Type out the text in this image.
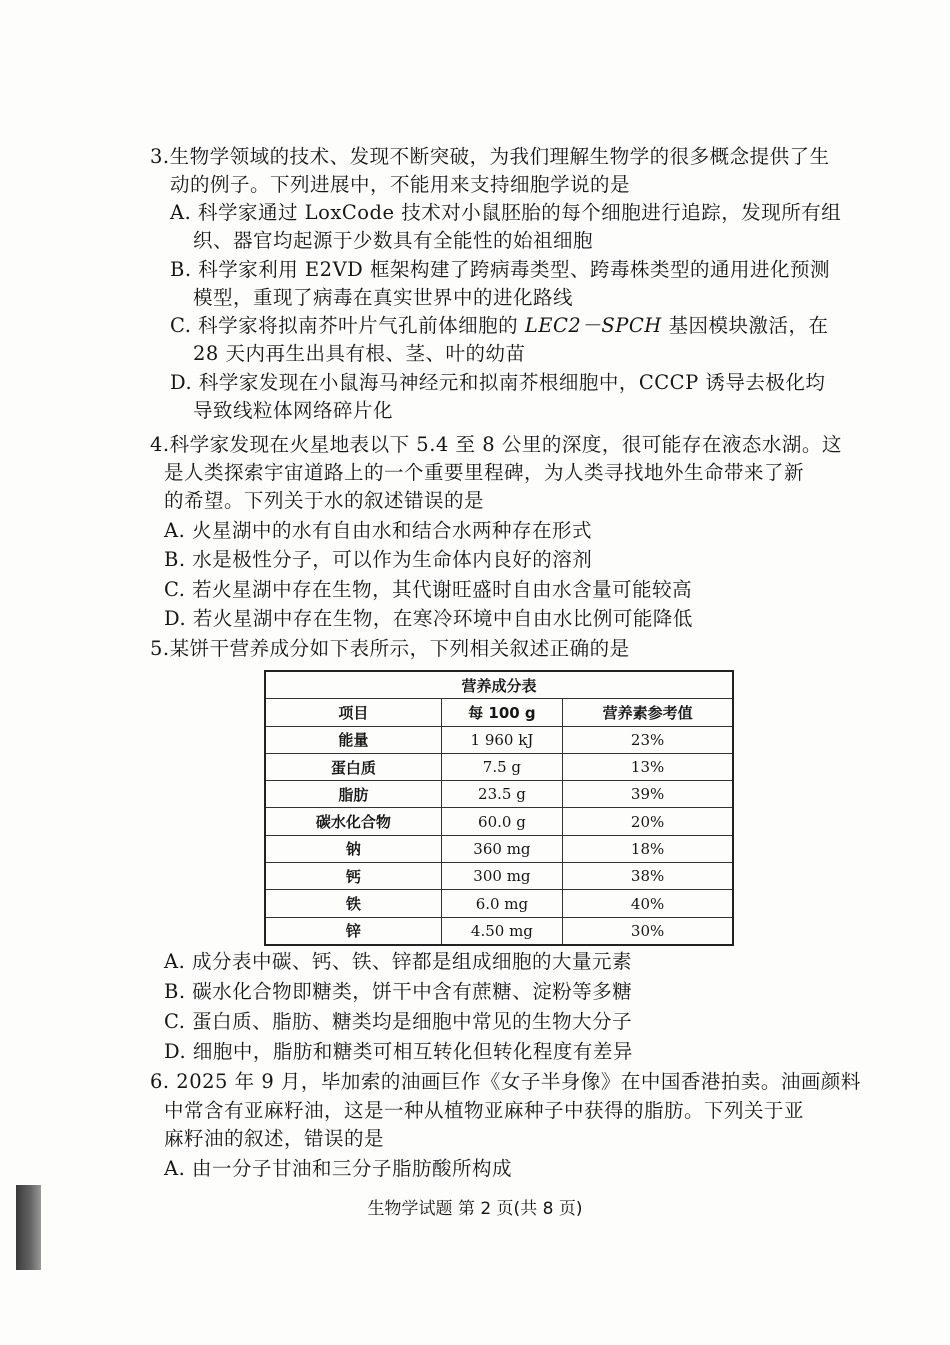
3.生物学领域的技术、发现不断突破，为我们理解生物学的很多概念提供了生
动的例子。下列进展中，不能用来支持细胞学说的是
A. 科学家通过 LoxCode 技术对小鼠胚胎的每个细胞进行追踪，发现所有组
织、器官均起源于少数具有全能性的始祖细胞
B. 科学家利用 E2VD 框架构建了跨病毒类型、跨毒株类型的通用进化预测
模型，重现了病毒在真实世界中的进化路线
C. 科学家将拟南芥叶片气孔前体细胞的 LEC2－SPCH 基因模块激活，在
28 天内再生出具有根、茎、叶的幼苗
D. 科学家发现在小鼠海马神经元和拟南芥根细胞中，CCCP 诱导去极化均
导致线粒体网络碎片化
4.科学家发现在火星地表以下 5.4 至 8 公里的深度，很可能存在液态水湖。这
是人类探索宇宙道路上的一个重要里程碑，为人类寻找地外生命带来了新
的希望。下列关于水的叙述错误的是
A. 火星湖中的水有自由水和结合水两种存在形式
B. 水是极性分子，可以作为生命体内良好的溶剂
C. 若火星湖中存在生物，其代谢旺盛时自由水含量可能较高
D. 若火星湖中存在生物，在寒冷环境中自由水比例可能降低
5.某饼干营养成分如下表所示，下列相关叙述正确的是
营养成分表		
项目	每 100 g	营养素参考值
能量	1 960 kJ	23%
蛋白质	7.5 g	13%
脂肪	23.5 g	39%
碳水化合物	60.0 g	20%
钠	360 mg	18%
钙	300 mg	38%
铁	6.0 mg	40%
锌	4.50 mg	30%
A. 成分表中碳、钙、铁、锌都是组成细胞的大量元素
B. 碳水化合物即糖类，饼干中含有蔗糖、淀粉等多糖
C. 蛋白质、脂肪、糖类均是细胞中常见的生物大分子
D. 细胞中，脂肪和糖类可相互转化但转化程度有差异
6. 2025 年 9 月，毕加索的油画巨作《女子半身像》在中国香港拍卖。油画颜料
中常含有亚麻籽油，这是一种从植物亚麻种子中获得的脂肪。下列关于亚
麻籽油的叙述，错误的是
A. 由一分子甘油和三分子脂肪酸所构成
生物学试题 第 2 页(共 8 页)
